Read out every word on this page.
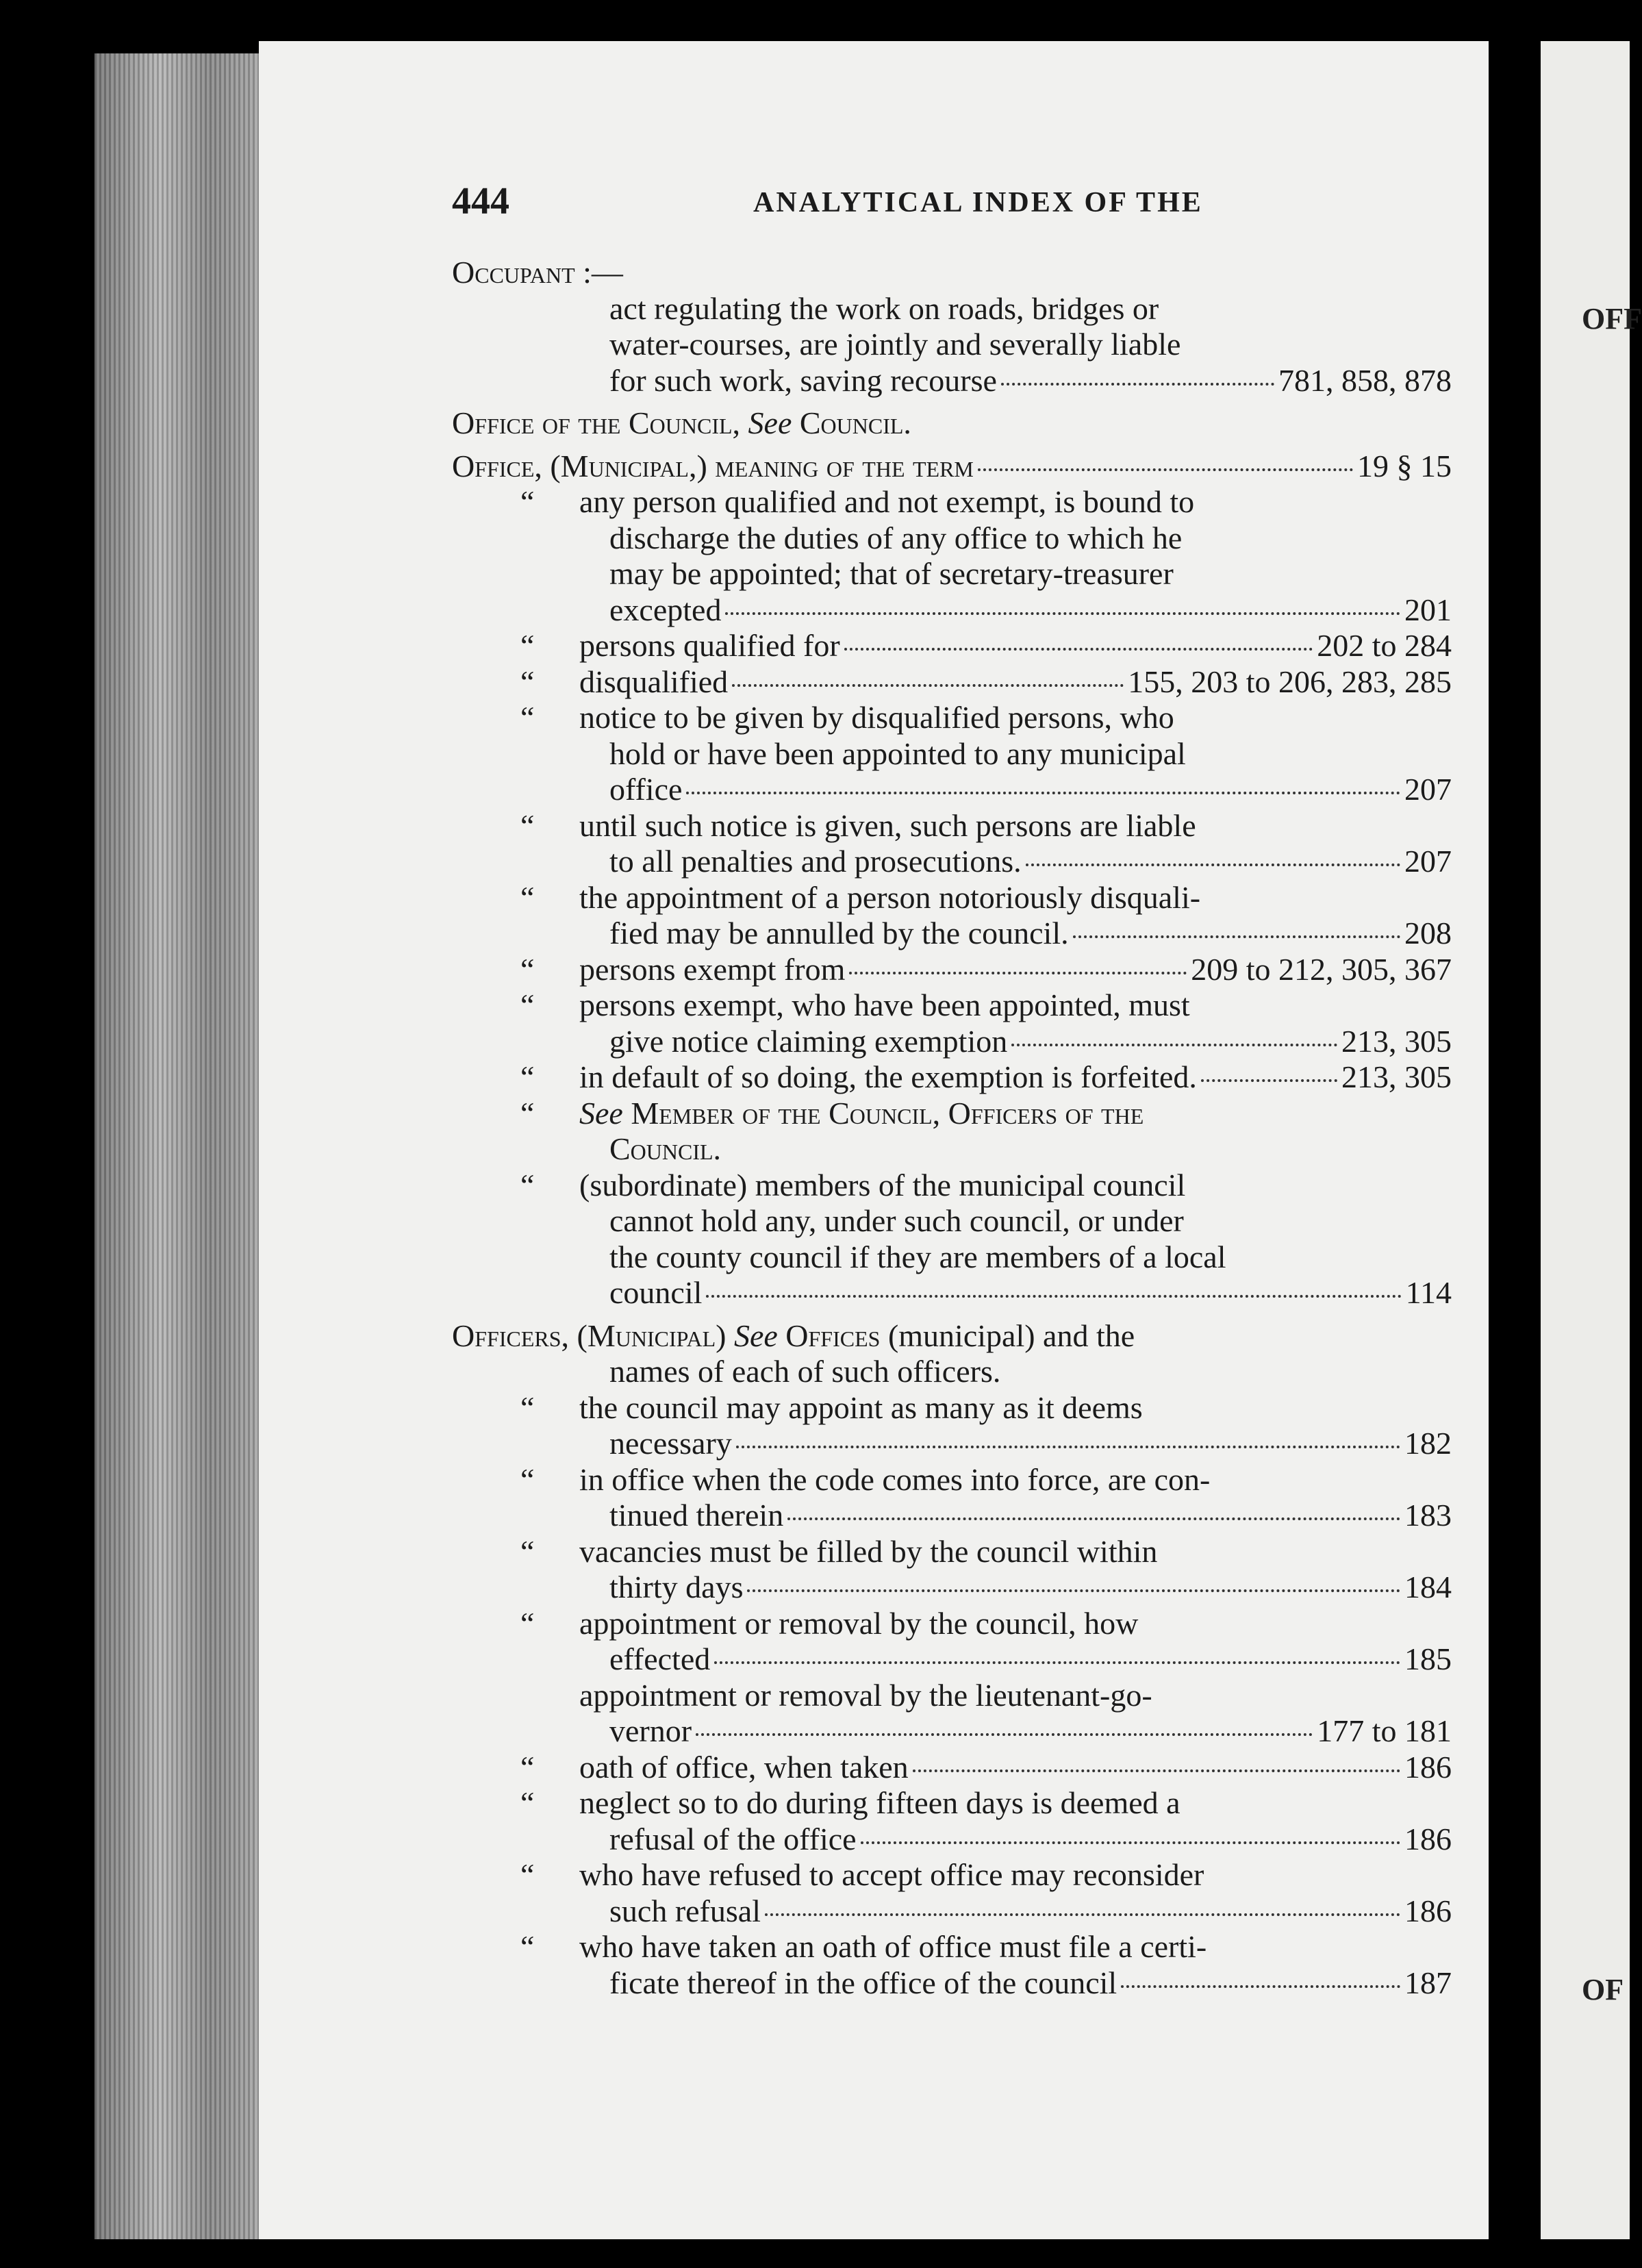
OFF
OF
444	ANALYTICAL INDEX OF THE
Occupant :—
act regulating the work on roads, bridges or
water-courses, are jointly and severally liable
for such work, saving recourse	781, 858, 878
Office of the Council, See Council.
Office, (Municipal,) meaning of the term	19 § 15
“	any person qualified and not exempt, is bound to
discharge the duties of any office to which he
may be appointed; that of secretary-treasurer
excepted	201
“ persons qualified for	202 to 284
“ disqualified	155, 203 to 206, 283, 285
“	notice to be given by disqualified persons, who
hold or have been appointed to any municipal
office	207
“	until such notice is given, such persons are liable
to all penalties and prosecutions.	207
“	the appointment of a person notoriously disquali-
fied may be annulled by the council.	208
“ persons exempt from	209 to 212, 305, 367
“	persons exempt, who have been appointed, must
give notice claiming exemption	213, 305
“ in default of so doing, the exemption is forfeited.	213, 305
“	See Member of the Council, Officers of the
Council.
“	(subordinate) members of the municipal council
cannot hold any, under such council, or under
the county council if they are members of a local
council	114
Officers, (Municipal) See Offices (municipal) and the
names of each of such officers.
“	the council may appoint as many as it deems
necessary	182
“	in office when the code comes into force, are con-
tinued therein	183
“	vacancies must be filled by the council within
thirty days	184
“	appointment or removal by the council, how
effected	185
appointment or removal by the lieutenant-go-
vernor	177 to 181
“ oath of office, when taken	186
“	neglect so to do during fifteen days is deemed a
refusal of the office	186
“	who have refused to accept office may reconsider
such refusal	186
“	who have taken an oath of office must file a certi-
ficate thereof in the office of the council	187
